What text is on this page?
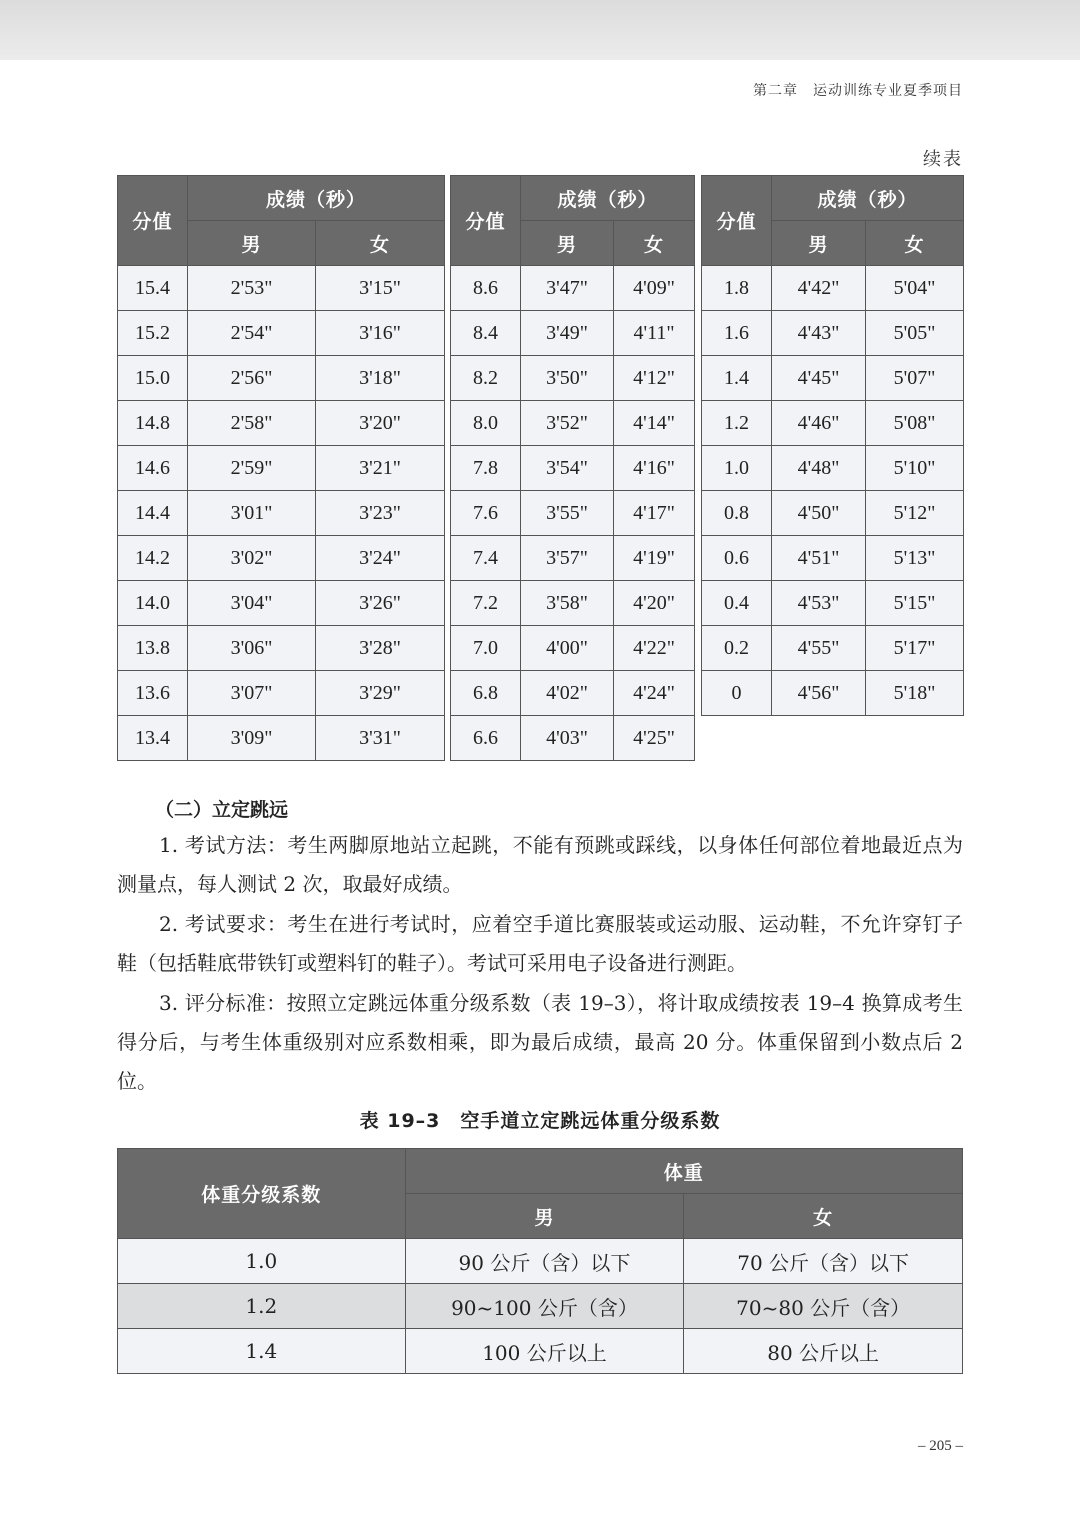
第二章　运动训练专业夏季项目
续表
分值	成绩（秒）	
	男	女
15.4	2'53"	3'15"
15.2	2'54"	3'16"
15.0	2'56"	3'18"
14.8	2'58"	3'20"
14.6	2'59"	3'21"
14.4	3'01"	3'23"
14.2	3'02"	3'24"
14.0	3'04"	3'26"
13.8	3'06"	3'28"
13.6	3'07"	3'29"
13.4	3'09"	3'31"
分值	成绩（秒）	
	男	女
8.6	3'47"	4'09"
8.4	3'49"	4'11"
8.2	3'50"	4'12"
8.0	3'52"	4'14"
7.8	3'54"	4'16"
7.6	3'55"	4'17"
7.4	3'57"	4'19"
7.2	3'58"	4'20"
7.0	4'00"	4'22"
6.8	4'02"	4'24"
6.6	4'03"	4'25"
分值	成绩（秒）	
	男	女
1.8	4'42"	5'04"
1.6	4'43"	5'05"
1.4	4'45"	5'07"
1.2	4'46"	5'08"
1.0	4'48"	5'10"
0.8	4'50"	5'12"
0.6	4'51"	5'13"
0.4	4'53"	5'15"
0.2	4'55"	5'17"
0	4'56"	5'18"
（二）立定跳远

1. 考试方法：考生两脚原地站立起跳，不能有预跳或踩线，以身体任何部位着地最近点为测量点，每人测试 2 次，取最好成绩。

2. 考试要求：考生在进行考试时，应着空手道比赛服装或运动服、运动鞋，不允许穿钉子鞋（包括鞋底带铁钉或塑料钉的鞋子）。考试可采用电子设备进行测距。

3. 评分标准：按照立定跳远体重分级系数（表 19–3），将计取成绩按表 19–4 换算成考生得分后，与考生体重级别对应系数相乘，即为最后成绩，最高 20 分。体重保留到小数点后 2 位。

表 19–3　空手道立定跳远体重分级系数
体重分级系数	体重	
	男	女
1.0	90 公斤（含）以下	70 公斤（含）以下
1.2	90~100 公斤（含）	70~80 公斤（含）
1.4	100 公斤以上	80 公斤以上
– 205 –
